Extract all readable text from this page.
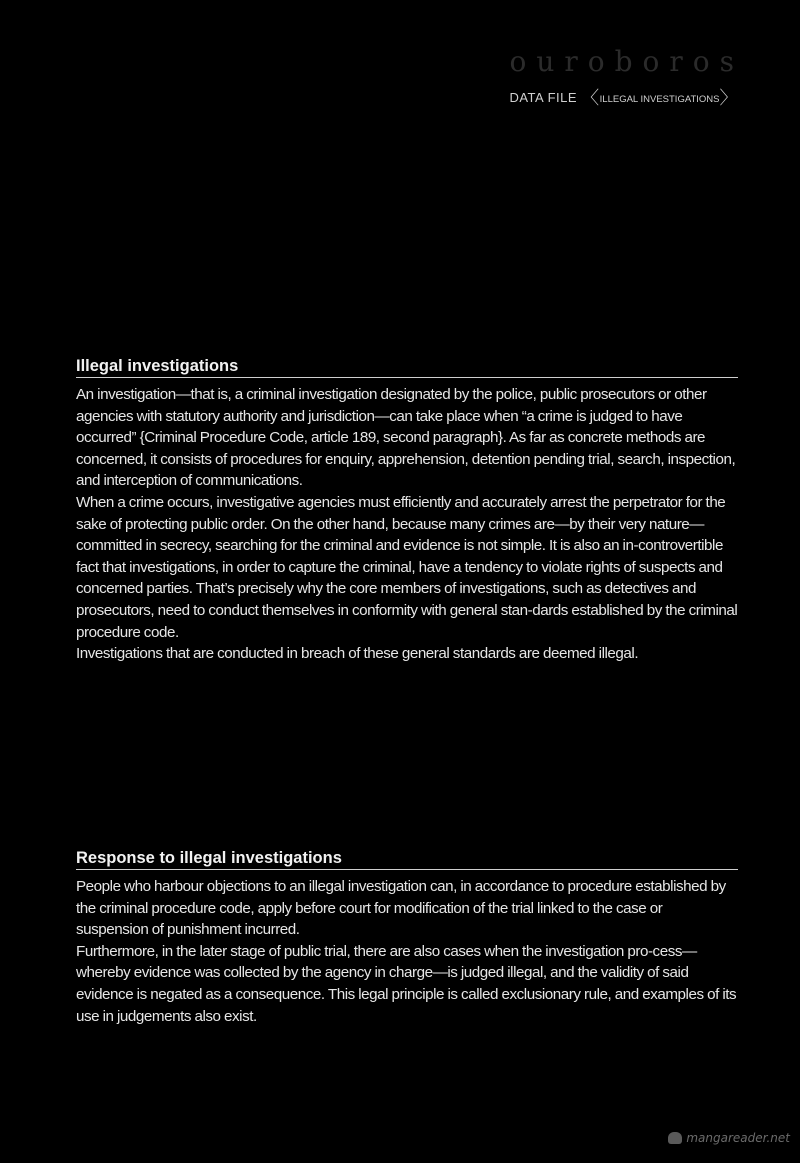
ouroboros
DATA FILE 〈ILLEGAL INVESTIGATIONS〉
Illegal investigations

An investigation—that is, a criminal investigation designated by the police, public prosecutors or other agencies with statutory authority and jurisdiction—can take place when “a crime is judged to have occurred” {Criminal Procedure Code, article 189, second paragraph}. As far as concrete methods are concerned, it consists of procedures for enquiry, apprehension, detention pending trial, search, inspection, and interception of communications.

When a crime occurs, investigative agencies must efficiently and accurately arrest the perpetrator for the sake of protecting public order. On the other hand, because many crimes are—by their very nature—committed in secrecy, searching for the criminal and evidence is not simple. It is also an in-controvertible fact that investigations, in order to capture the criminal, have a tendency to violate rights of suspects and concerned parties. That’s precisely why the core members of investigations, such as detectives and prosecutors, need to conduct themselves in conformity with general stan-dards established by the criminal procedure code.

Investigations that are conducted in breach of these general standards are deemed illegal.

Response to illegal investigations

People who harbour objections to an illegal investigation can, in accordance to procedure established by the criminal procedure code, apply before court for modification of the trial linked to the case or suspension of punishment incurred.

Furthermore, in the later stage of public trial, there are also cases when the investigation pro-cess—whereby evidence was collected by the agency in charge—is judged illegal, and the validity of said evidence is negated as a consequence. This legal principle is called exclusionary rule, and examples of its use in judgements also exist.

mangareader.net
